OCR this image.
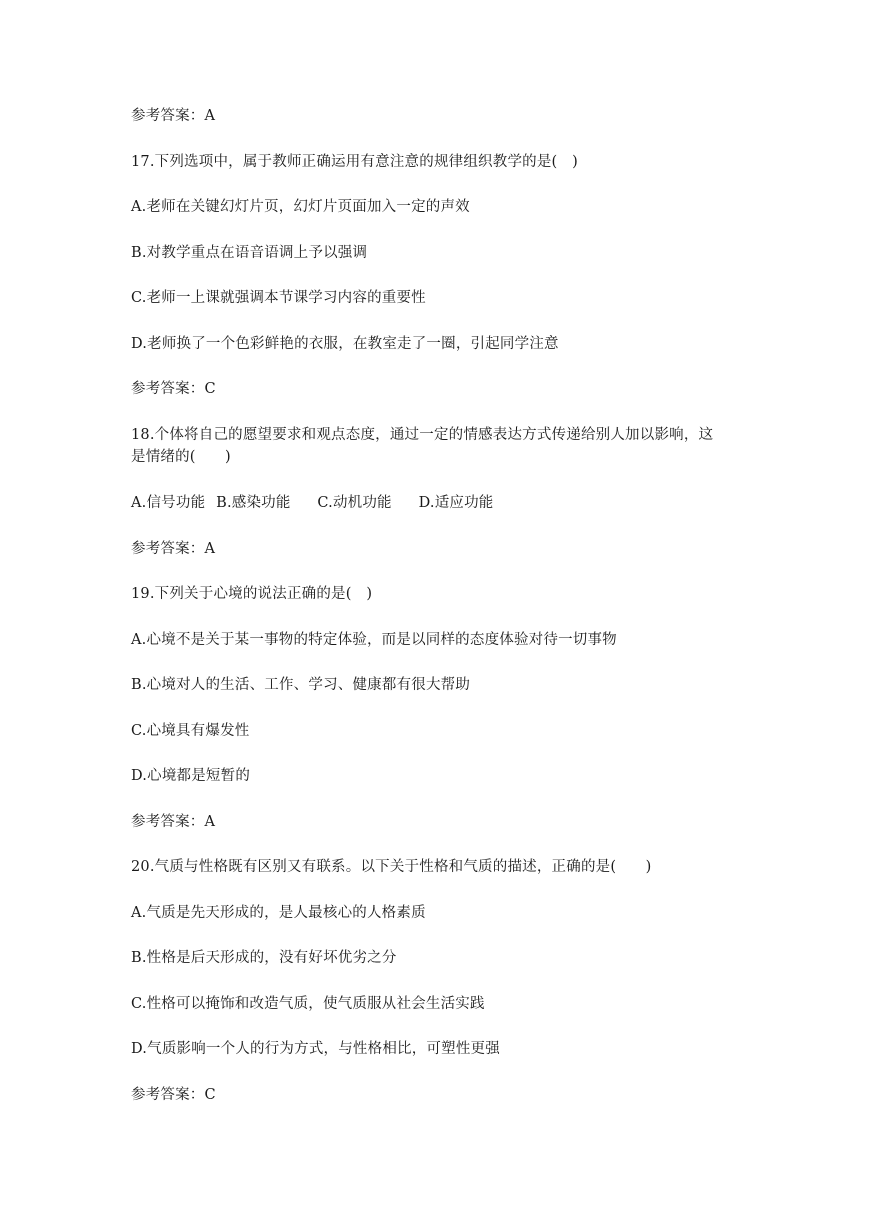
参考答案：A
17.下列选项中，属于教师正确运用有意注意的规律组织教学的是(　)
A.老师在关键幻灯片页，幻灯片页面加入一定的声效
B.对教学重点在语音语调上予以强调
C.老师一上课就强调本节课学习内容的重要性
D.老师换了一个色彩鲜艳的衣服，在教室走了一圈，引起同学注意
参考答案：C
18.个体将自己的愿望要求和观点态度，通过一定的情感表达方式传递给别人加以影响，这
是情绪的(　　)
A.信号功能 B.感染功能 C.动机功能 D.适应功能
参考答案：A
19.下列关于心境的说法正确的是(　)
A.心境不是关于某一事物的特定体验，而是以同样的态度体验对待一切事物
B.心境对人的生活、工作、学习、健康都有很大帮助
C.心境具有爆发性
D.心境都是短暂的
参考答案：A
20.气质与性格既有区别又有联系。以下关于性格和气质的描述，正确的是(　　)
A.气质是先天形成的，是人最核心的人格素质
B.性格是后天形成的，没有好坏优劣之分
C.性格可以掩饰和改造气质，使气质服从社会生活实践
D.气质影响一个人的行为方式，与性格相比，可塑性更强
参考答案：C
